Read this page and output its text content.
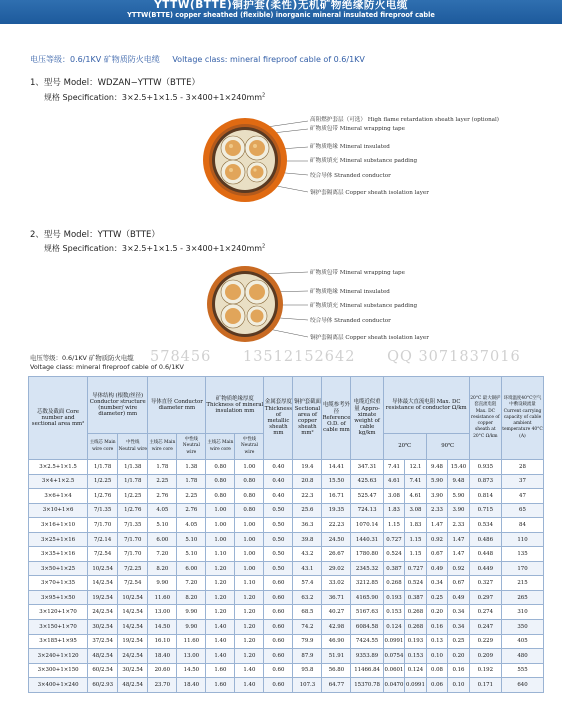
YTTW(BTTE)铜护套(柔性)无机矿物绝缘防火电缆
YTTW(BTTE) copper sheathed (flexible) inorganic mineral insulated fireproof cable
电压等级：0.6/1KV 矿物质防火电缆 Voltage class: mineral fireproof cable of 0.6/1KV
1、型号 Model：WDZAN−YTTW（BTTE）
规格 Specification：$3\times 2.5+1\times 1.5 - 3\times 400+1\times 240mm^2$
高阻燃护套层（可选） High flame retardation sheath layer (optional)
矿物质包带 Mineral wrapping tape
矿物质绝缘 Mineral insulated
矿物质填充 Mineral substance padding
绞合导体 Stranded conductor
铜护套隔离层 Copper sheath isolation layer
2、型号 Model：YTTW（BTTE）
规格 Specification：$3\times 2.5+1\times 1.5 - 3\times 400+1\times 240mm^2$
矿物质包带 Mineral wrapping tape
矿物质绝缘 Mineral insulated
矿物质填充 Mineral substance padding
绞合导体 Stranded conductor
铜护套隔离层 Copper sheath isolation layer
578456 13512152642 QQ 3071837016
电压等级：0.6/1KV 矿物质防火电缆
Voltage class: mineral fireproof cable of 0.6/1KV
芯数及截面 Core number and sectional area mm²	导体结构 (根数/丝径) Conductor structure (number/ wire diameter) mm		导体直径 Conductor diameter mm		矿物质绝缘厚度 Thickness of mineral insulation mm		金属套厚度 Thickness of metallic sheath mm	铜护套截面 Sectional area of copper sheath mm²	电缆参考外径 Reference O.D. of cable mm	电缆近似重量 Appro-ximate weight of cable kg/km	导体最大直流电阻 Max. DC resistance of conductor Ω/km				20°C 最大铜护套直流电阻 Max. DC resistance of copper sheath at 20°C Ω/km	环境温度40°C空气中敷设载流量 Current carrying capacity of cable ambient temperature 40°C (A)
	主线芯 Main wire core	中性线 Neutral wire	主线芯 Main wire core	中性线 Neutral wire	主线芯 Main wire core	中性线 Neutral wire					20℃		90℃			
3×2.5+1×1.5	1/1.78	1/1.38	1.78	1.38	0.80	1.00	0.40	19.4	14.41	347.31	7.41	12.1	9.48	15.40	0.935	28
3×4+1×2.5	1/2.25	1/1.78	2.25	1.78	0.80	0.80	0.40	20.8	15.50	425.63	4.61	7.41	5.90	9.48	0.873	37
3×6+1×4	1/2.76	1/2.25	2.76	2.25	0.80	0.80	0.40	22.3	16.71	525.47	3.08	4.61	3.90	5.90	0.814	47
3×10+1×6	7/1.35	1/2.76	4.05	2.76	1.00	0.80	0.50	25.6	19.35	724.13	1.83	3.08	2.33	3.90	0.715	65
3×16+1×10	7/1.70	7/1.35	5.10	4.05	1.00	1.00	0.50	36.3	22.23	1070.14	1.15	1.83	1.47	2.33	0.534	84
3×25+1×16	7/2.14	7/1.70	6.00	5.10	1.00	1.00	0.50	39.8	24.50	1440.31	0.727	1.15	0.92	1.47	0.486	110
3×35+1×16	7/2.54	7/1.70	7.20	5.10	1.10	1.00	0.50	43.2	26.67	1780.80	0.524	1.15	0.67	1.47	0.448	135
3×50+1×25	10/2.54	7/2.25	8.20	6.00	1.20	1.00	0.50	43.1	29.02	2345.32	0.387	0.727	0.49	0.92	0.449	170
3×70+1×35	14/2.54	7/2.54	9.90	7.20	1.20	1.10	0.60	57.4	33.02	3212.85	0.268	0.524	0.34	0.67	0.327	215
3×95+1×50	19/2.54	10/2.54	11.60	8.20	1.20	1.20	0.60	63.2	36.71	4165.90	0.193	0.387	0.25	0.49	0.297	265
3×120+1×70	24/2.54	14/2.54	13.00	9.90	1.20	1.20	0.60	68.5	40.27	5167.63	0.153	0.268	0.20	0.34	0.274	310
3×150+1×70	30/2.54	14/2.54	14.50	9.90	1.40	1.20	0.60	74.2	42.98	6084.58	0.124	0.268	0.16	0.34	0.247	350
3×185+1×95	37/2.54	19/2.54	16.10	11.60	1.40	1.20	0.60	79.9	46.90	7424.55	0.0991	0.193	0.13	0.25	0.229	405
3×240+1×120	48/2.54	24/2.54	18.40	13.00	1.40	1.20	0.60	87.9	51.91	9353.89	0.0754	0.153	0.10	0.20	0.209	480
3×300+1×150	60/2.54	30/2.54	20.60	14.50	1.60	1.40	0.60	95.8	56.80	11466.84	0.0601	0.124	0.08	0.16	0.192	555
3×400+1×240	60/2.93	48/2.54	23.70	18.40	1.60	1.40	0.60	107.3	64.77	15370.78	0.0470	0.0991	0.06	0.10	0.171	640
